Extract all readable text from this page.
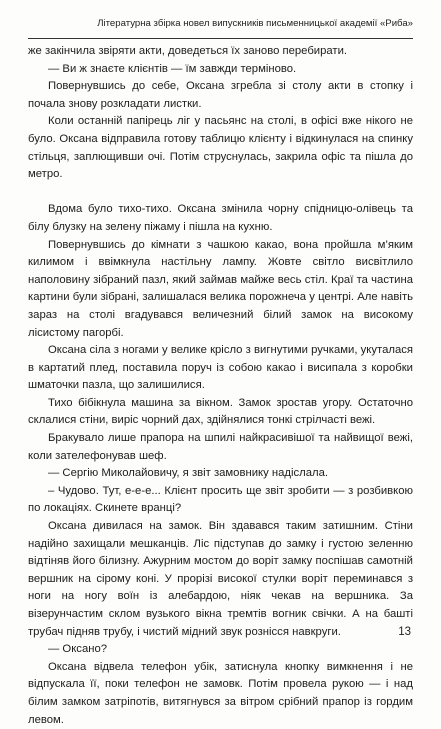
Літературна збірка новел випускників письменницької академії «Риба»

же закінчила звіряти акти, доведеться їх заново перебирати.

— Ви ж знаєте клієнтів — їм завжди терміново.

Повернувшись до себе, Оксана згребла зі столу акти в стопку і почала знову розкладати листки.

Коли останній папірець ліг у пасьянс на столі, в офісі вже нікого не було. Оксана відправила готову таблицю клієнту і відкинулася на спинку стільця, заплющивши очі. Потім струснулась, закрила офіс та пішла до метро.

Вдома було тихо-тихо. Оксана змінила чорну спідницю-олівець та білу блузку на зелену піжаму і пішла на кухню.

Повернувшись до кімнати з чашкою какао, вона пройшла м’яким килимом і ввімкнула настільну лампу. Жовте світло висвітлило наполовину зібраний пазл, який займав майже весь стіл. Краї та частина картини були зібрані, залишалася велика порожнеча у центрі. Але навіть зараз на столі вгадувався величезний білий замок на високому лісистому пагорбі.

Оксана сіла з ногами у велике крісло з вигнутими ручками, укуталася в картатий плед, поставила поруч із собою какао і висипала з коробки шматочки пазла, що залишилися.

Тихо бібікнула машина за вікном. Замок зростав угору. Остаточно склалися стіни, виріс чорний дах, здійнялися тонкі стрілчасті вежі.

Бракувало лише прапора на шпилі найкрасивішої та найвищої вежі, коли зателефонував шеф.

— Сергію Миколайовичу, я звіт замовнику надіслала.

– Чудово. Тут, е-е-е... Клієнт просить ще звіт зробити — з розбивкою по локаціях. Скинете вранці?

Оксана дивилася на замок. Він здавався таким затишним. Стіни надійно захищали мешканців. Ліс підступав до замку і густою зеленню відтіняв його білизну. Ажурним мостом до воріт замку поспішав самотній вершник на сірому коні. У прорізі високої стулки воріт переминався з ноги на ногу воїн із алебардою, ніяк чекав на вершника. За візерунчастим склом вузького вікна тремтів вогник свічки. А на башті трубач підняв трубу, і чистий мідний звук рознісся навкруги.

— Оксано?

Оксана відвела телефон убік, затиснула кнопку вимкнення і не відпускала її, поки телефон не замовк. Потім провела рукою — і над білим замком затріпотів, витягнувся за вітром срібний прапор із гордим левом.

13
